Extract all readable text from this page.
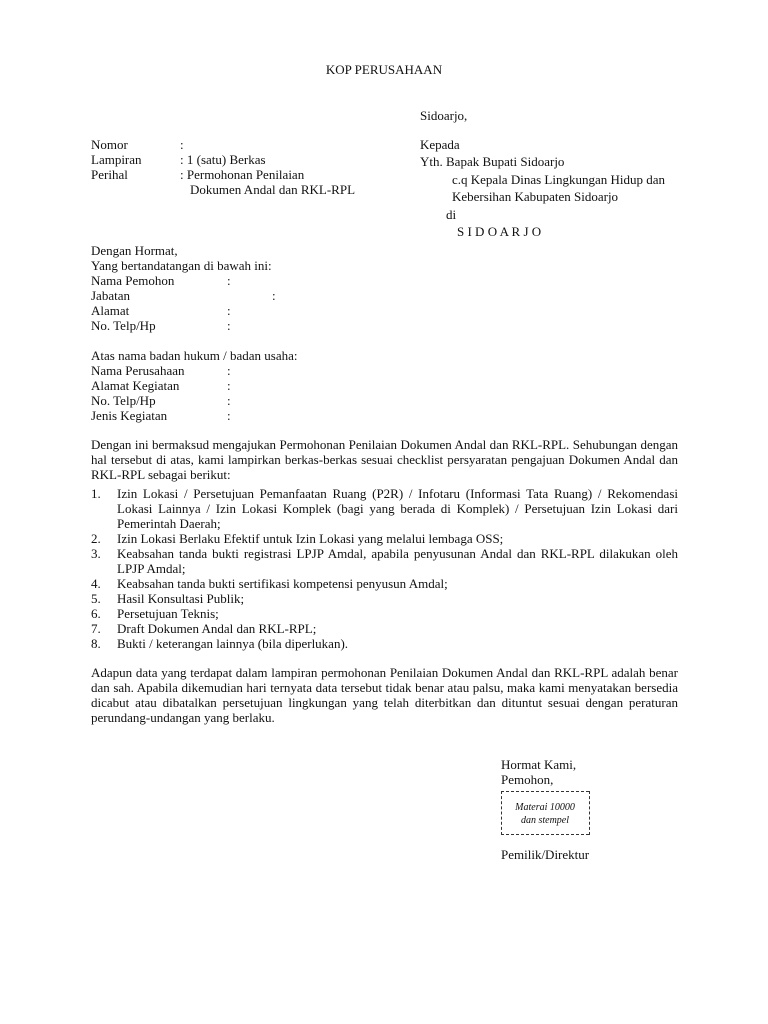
KOP PERUSAHAAN
Sidoarjo,
Nomor	:
Lampiran	: 1 (satu) Berkas
Perihal	: Permohonan Penilaian
Dokumen Andal dan RKL-RPL
Kepada
Yth. Bapak Bupati Sidoarjo
c.q Kepala Dinas Lingkungan Hidup dan
Kebersihan Kabupaten Sidoarjo
di
S I D O A R J O
Dengan Hormat,
Yang bertandatangan di bawah ini:
Nama Pemohon	:
Jabatan	:
Alamat	:
No. Telp/Hp	:
Atas nama badan hukum / badan usaha:
Nama Perusahaan	:
Alamat Kegiatan	:
No. Telp/Hp	:
Jenis Kegiatan	:
Dengan ini bermaksud mengajukan Permohonan Penilaian Dokumen Andal dan RKL-RPL. Sehubungan dengan hal tersebut di atas, kami lampirkan berkas-berkas sesuai checklist persyaratan pengajuan Dokumen Andal dan RKL-RPL sebagai berikut:
1. Izin Lokasi / Persetujuan Pemanfaatan Ruang (P2R) / Infotaru (Informasi Tata Ruang) / Rekomendasi Lokasi Lainnya / Izin Lokasi Komplek (bagi yang berada di Komplek) / Persetujuan Izin Lokasi dari Pemerintah Daerah;
2. Izin Lokasi Berlaku Efektif untuk Izin Lokasi yang melalui lembaga OSS;
3. Keabsahan tanda bukti registrasi LPJP Amdal, apabila penyusunan Andal dan RKL-RPL dilakukan oleh LPJP Amdal;
4. Keabsahan tanda bukti sertifikasi kompetensi penyusun Amdal;
5. Hasil Konsultasi Publik;
6. Persetujuan Teknis;
7. Draft Dokumen Andal dan RKL-RPL;
8. Bukti / keterangan lainnya (bila diperlukan).
Adapun data yang terdapat dalam lampiran permohonan Penilaian Dokumen Andal dan RKL-RPL adalah benar dan sah. Apabila dikemudian hari ternyata data tersebut tidak benar atau palsu, maka kami menyatakan bersedia dicabut atau dibatalkan persetujuan lingkungan yang telah diterbitkan dan dituntut sesuai dengan peraturan perundang-undangan yang berlaku.
Hormat Kami,
Pemohon,
Materai 10000
dan stempel
Pemilik/Direktur
